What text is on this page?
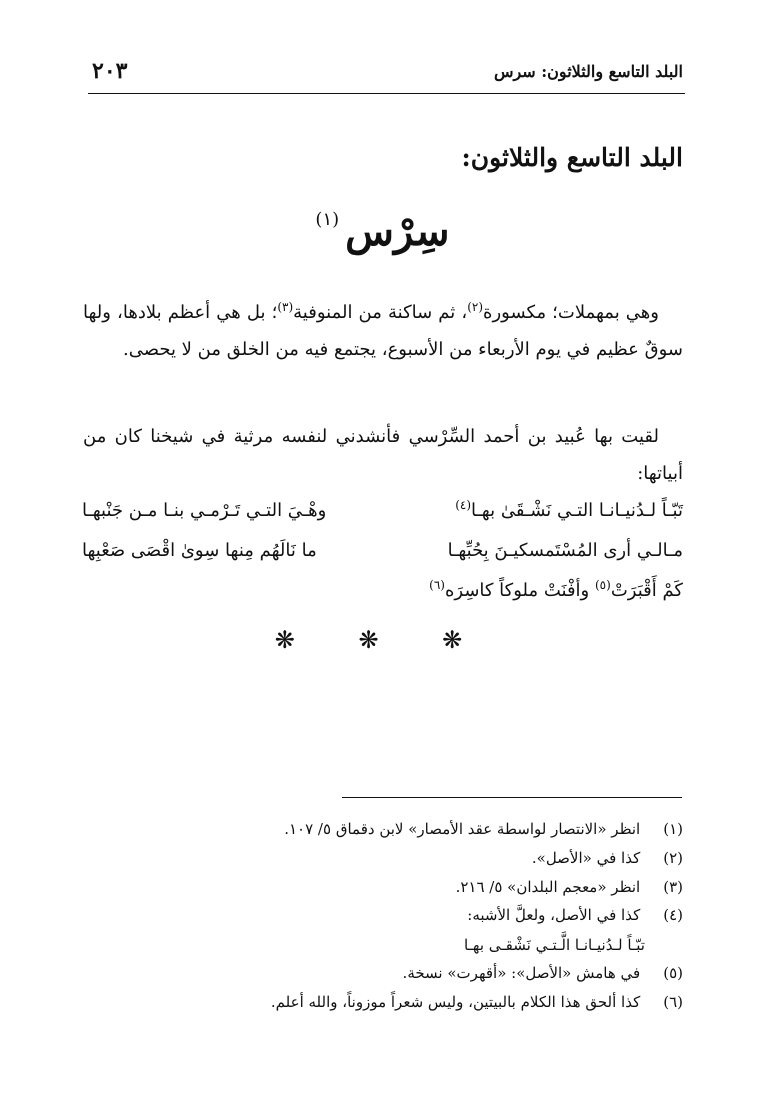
البلد التاسع والثلاثون: سرس
٢٠٣
البلد التاسع والثلاثون:
سِرْس(١)
وهي بمهملات؛ مكسورة$^{(٢)}$، ثم ساكنة من المنوفية$^{(٣)}$؛ بل هي أعظم بلادها، ولها سوقٌ عظيم في يوم الأربعاء من الأسبوع، يجتمع فيه من الخلق من لا يحصى.
لقيت بها عُبيد بن أحمد السِّرْسي فأنشدني لنفسه مرثية في شيخنا كان من أبياتها:
تَبّـاً لـدُنيـانـا التـي نَشْـقَىٰ بهـا$^{(٤)}$
وهْـيَ التـي تَـرْمـي بنـا مـن جَنْبهـا
مـالـي أرى المُسْتَمسكيـنَ بِحُبِّهـا
ما نَالَهُم مِنها سِوىٰ اقْصَى صَعْبِها
كَمْ أَقْبَرَتْ$^{(٥)}$ وأفْنَتْ ملوكاً كاسِرَه$^{(٦)}$
❋ ❋ ❋
(١) انظر «الانتصار لواسطة عقد الأمصار» لابن دقماق ٥/ ١٠٧.
(٢) كذا في «الأصل».
(٣) انظر «معجم البلدان» ٥/ ٢١٦.
(٤) كذا في الأصل، ولعلَّ الأشبه:
تبّـاً لـدُنيـانـا الَّـتـي نَشْقـى بهـا
(٥) في هامش «الأصل»: «أقهرت» نسخة.
(٦) كذا ألحق هذا الكلام بالبيتين، وليس شعراً موزوناً، والله أعلم.
